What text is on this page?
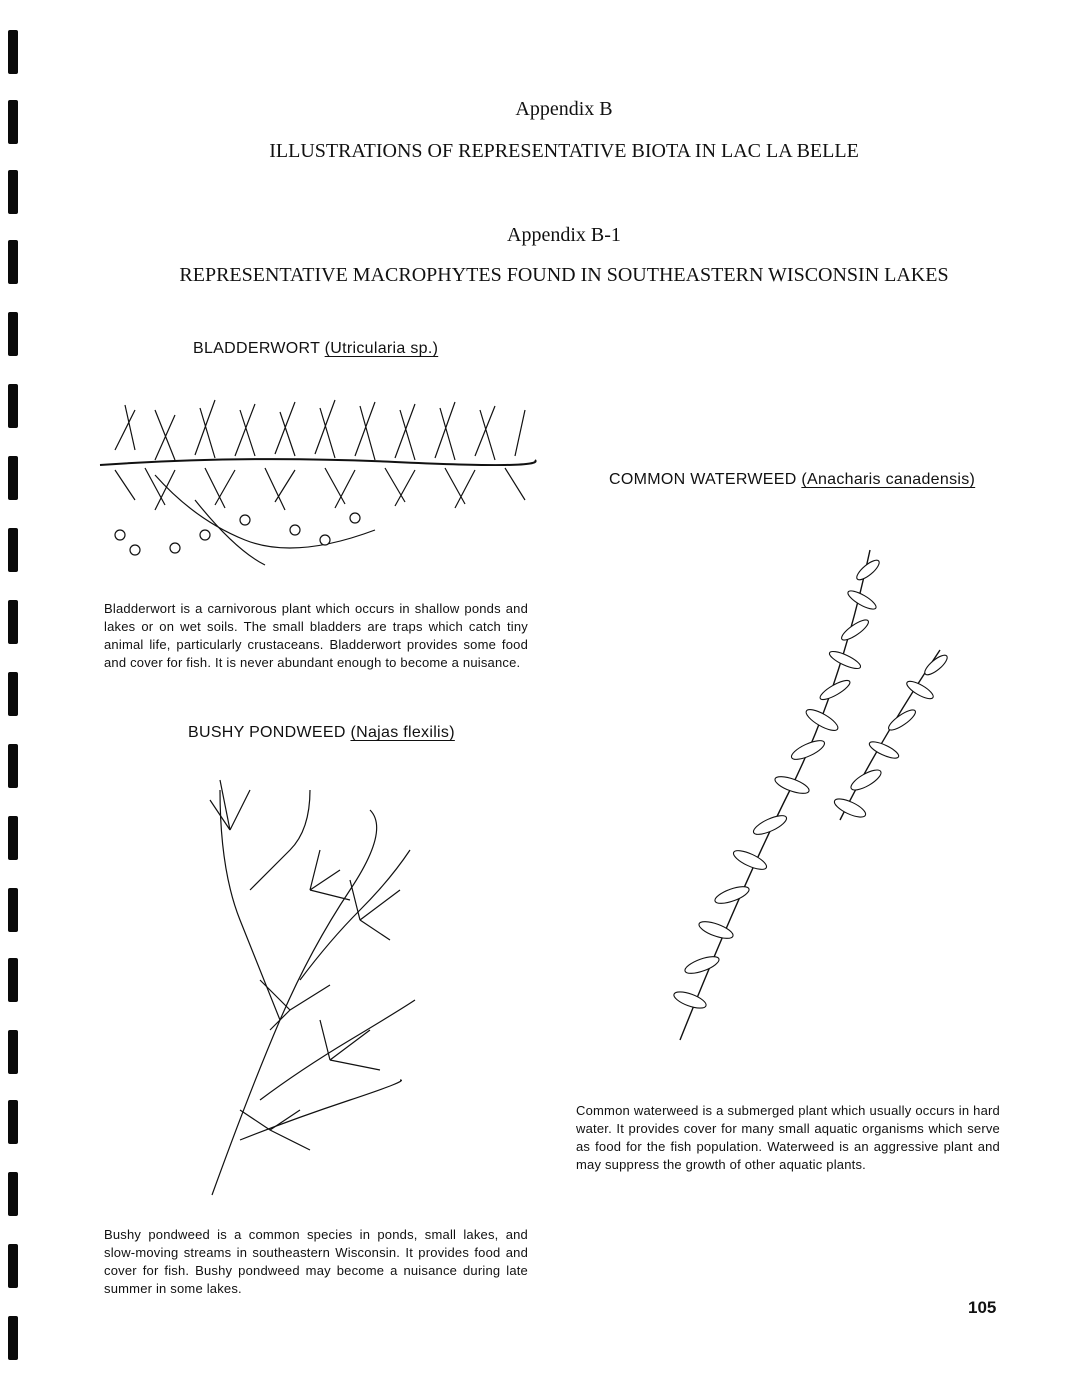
Appendix B
ILLUSTRATIONS OF REPRESENTATIVE BIOTA IN LAC LA BELLE
Appendix B-1
REPRESENTATIVE MACROPHYTES FOUND IN SOUTHEASTERN WISCONSIN LAKES
BLADDERWORT (Utricularia sp.)
Bladderwort is a carnivorous plant which occurs in shallow ponds and lakes or on wet soils. The small bladders are traps which catch tiny animal life, particularly crustaceans. Bladderwort provides some food and cover for fish. It is never abundant enough to become a nuisance.
COMMON WATERWEED (Anacharis canadensis)
Common waterweed is a submerged plant which usually occurs in hard water. It provides cover for many small aquatic organisms which serve as food for the fish population. Waterweed is an aggressive plant and may suppress the growth of other aquatic plants.
BUSHY PONDWEED (Najas flexilis)
Bushy pondweed is a common species in ponds, small lakes, and slow-moving streams in southeastern Wisconsin. It provides food and cover for fish. Bushy pondweed may become a nuisance during late summer in some lakes.
105
